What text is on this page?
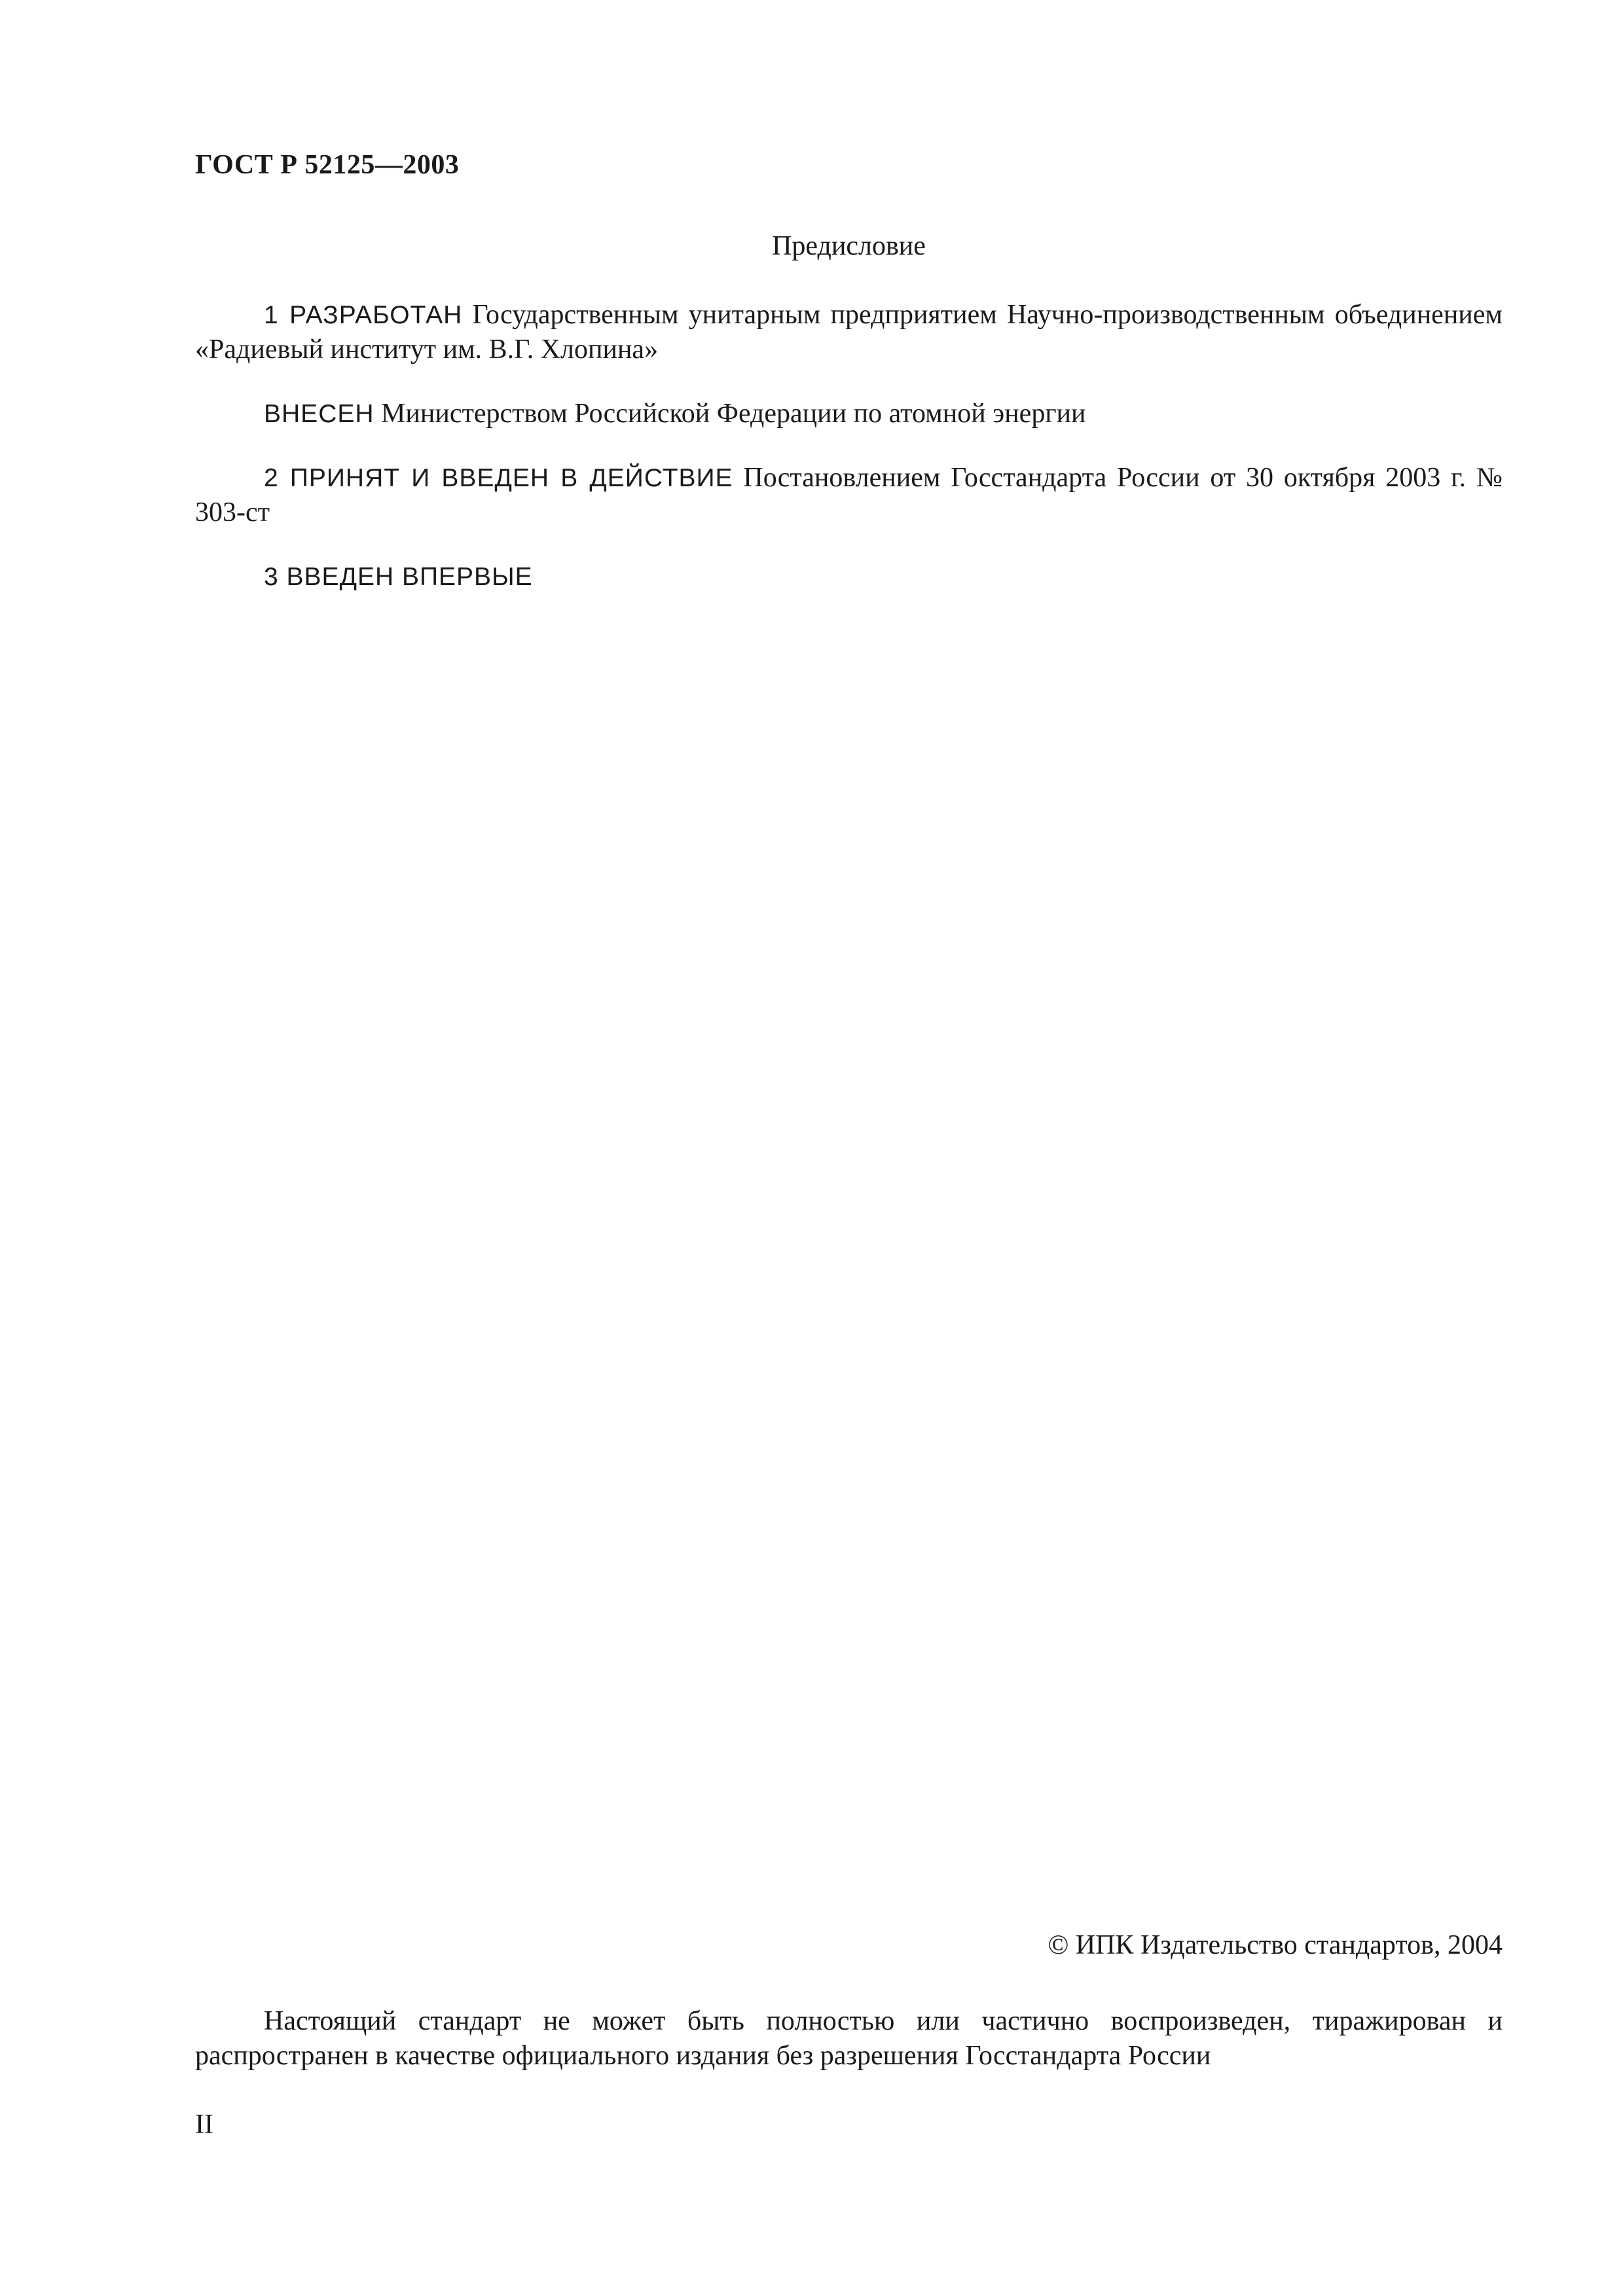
ГОСТ Р 52125—2003
Предисловие

1 РАЗРАБОТАН Государственным унитарным предприятием Научно-производственным объединением «Радиевый институт им. В.Г. Хлопина»

ВНЕСЕН Министерством Российской Федерации по атомной энергии

2 ПРИНЯТ И ВВЕДЕН В ДЕЙСТВИЕ Постановлением Госстандарта России от 30 октября 2003 г. № 303-ст

3 ВВЕДЕН ВПЕРВЫЕ

© ИПК Издательство стандартов, 2004

Настоящий стандарт не может быть полностью или частично воспроизведен, тиражирован и распространен в качестве официального издания без разрешения Госстандарта России

II
